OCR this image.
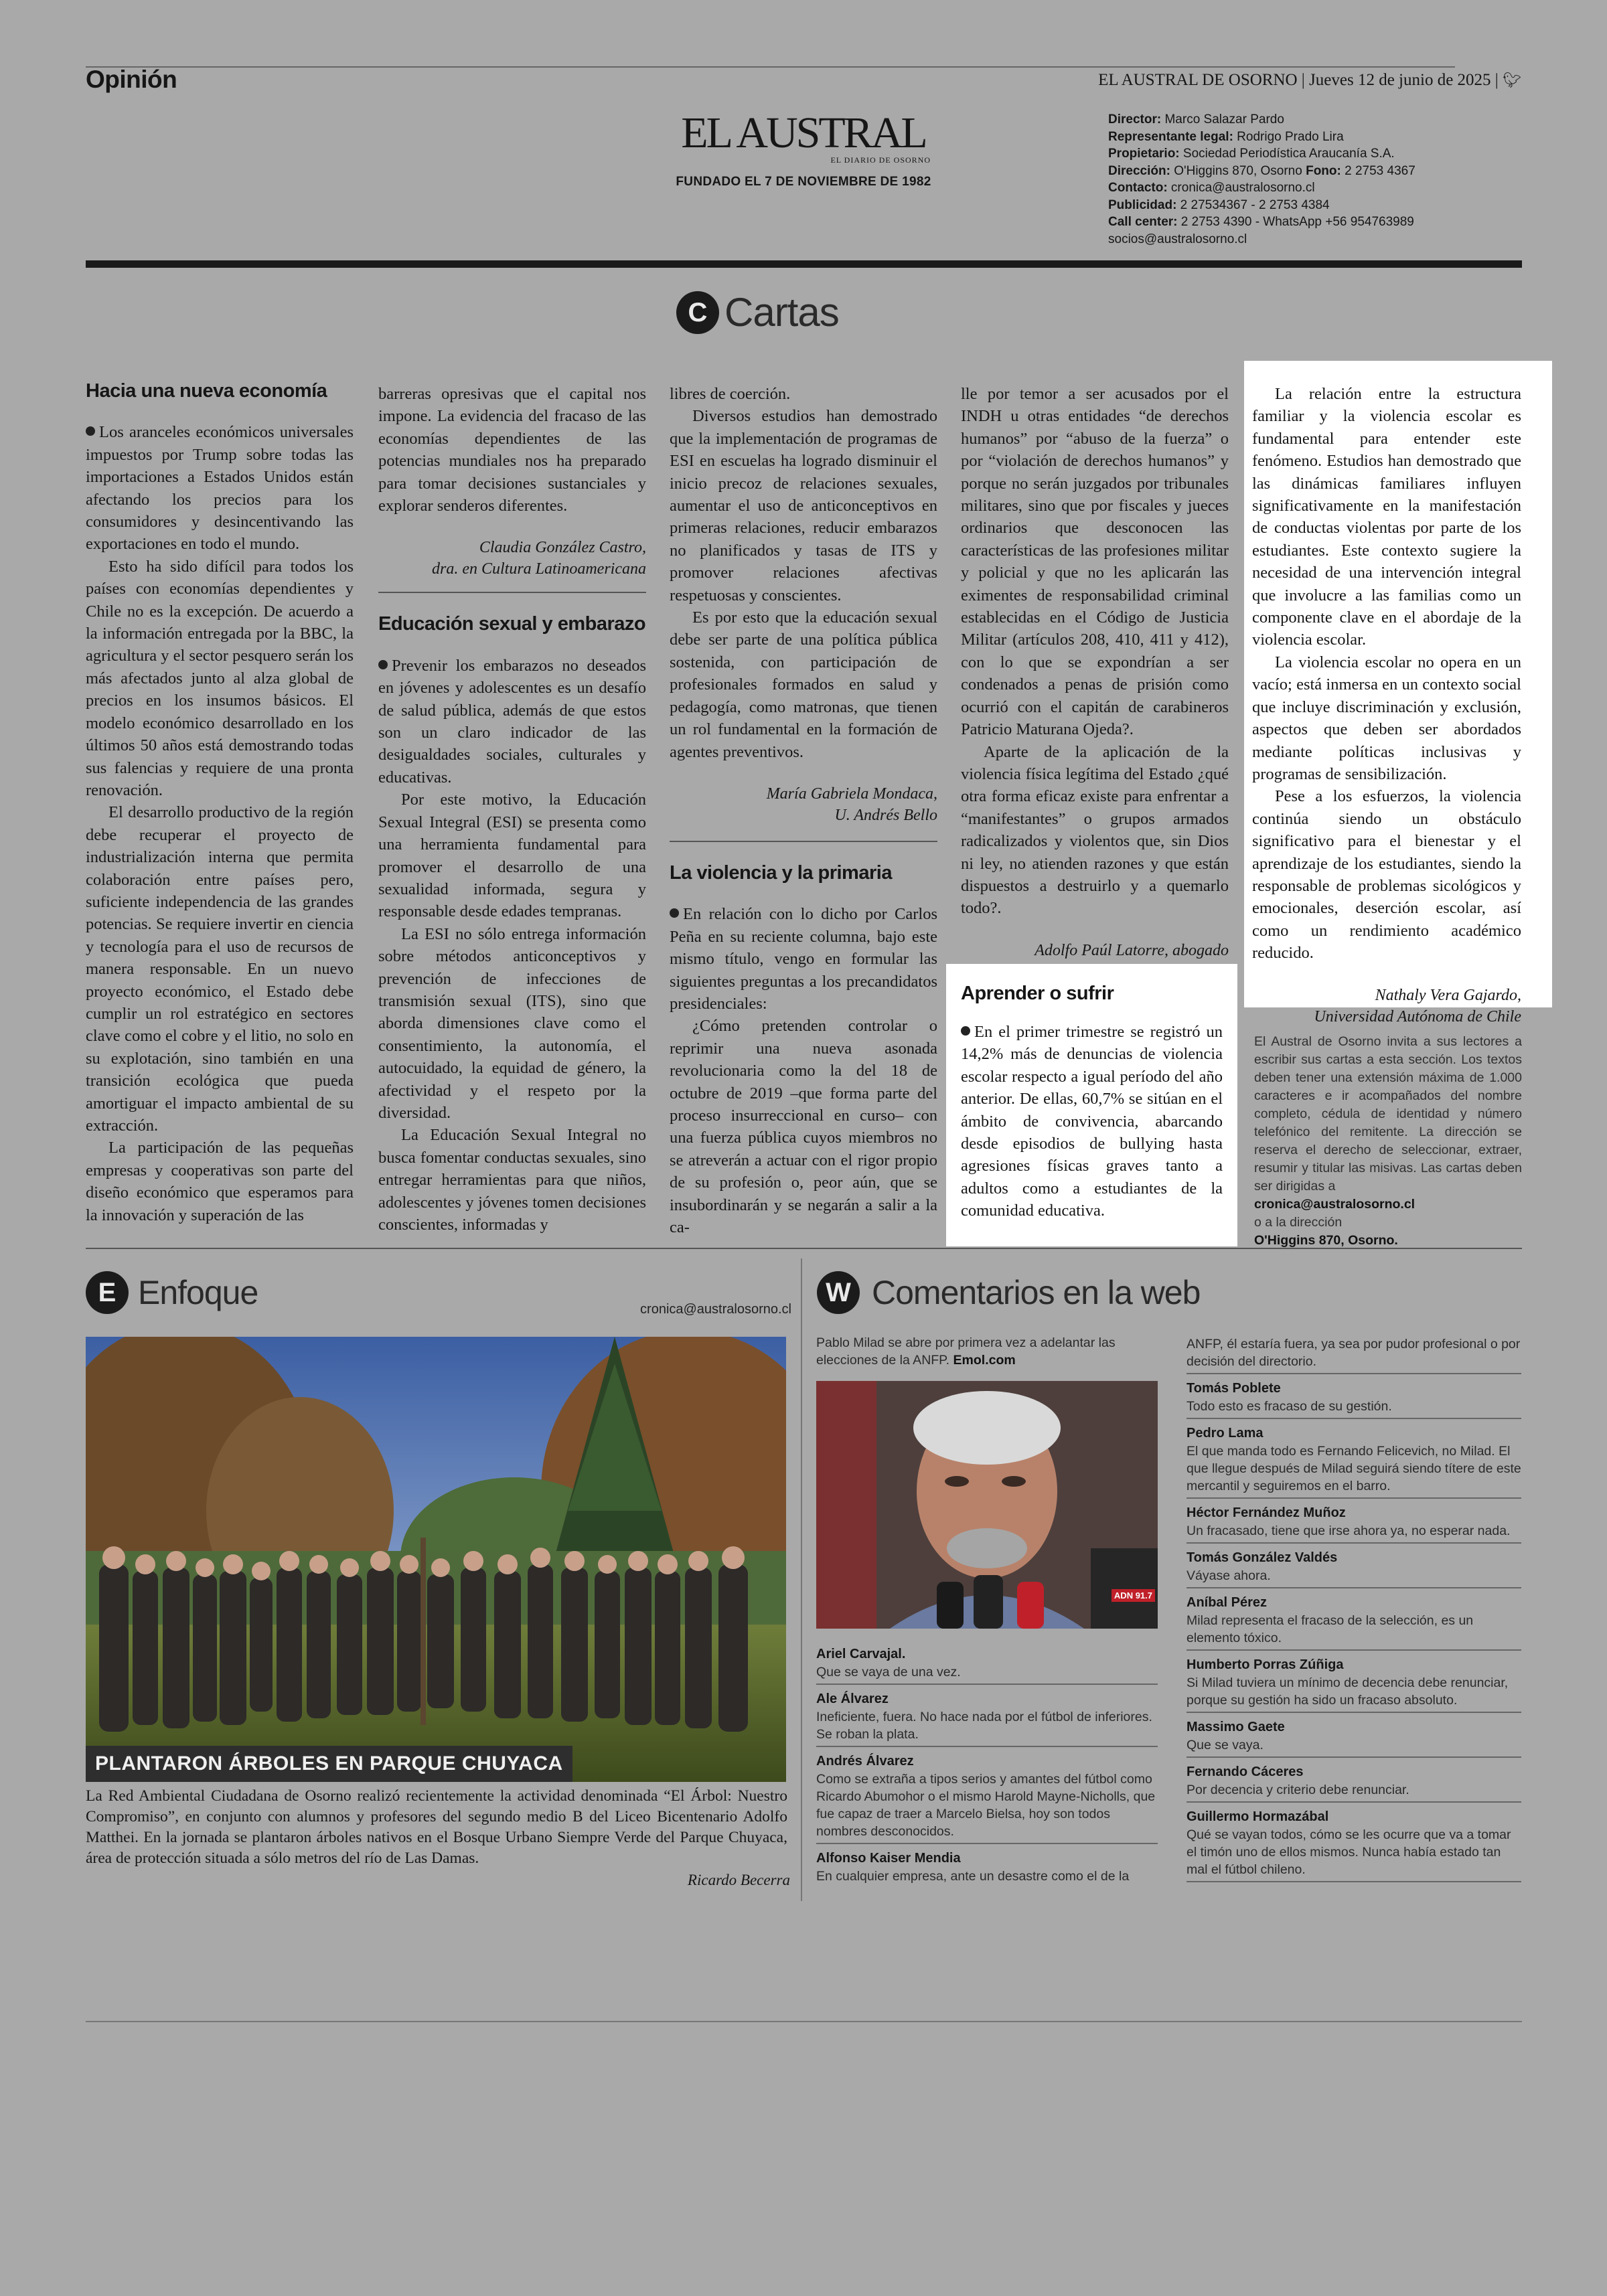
Opinión	EL AUSTRAL DE OSORNO | Jueves 12 de junio de 2025 | 🐦︎
EL AUSTRAL
EL DIARIO DE OSORNO
FUNDADO EL 7 DE NOVIEMBRE DE 1982
Director: Marco Salazar Pardo
Representante legal: Rodrigo Prado Lira
Propietario: Sociedad Periodística Araucanía S.A.
Dirección: O'Higgins 870, Osorno Fono: 2 2753 4367
Contacto: cronica@australosorno.cl
Publicidad: 2 27534367 - 2 2753 4384
Call center: 2 2753 4390 - WhatsApp +56 954763989
socios@australosorno.cl
C Cartas
Hacia una nueva economía

Los aranceles económicos universales impuestos por Trump sobre todas las importaciones a Estados Unidos están afectando los precios para los consumidores y desincentivando las exportaciones en todo el mundo.

Esto ha sido difícil para todos los países con economías dependientes y Chile no es la excepción. De acuerdo a la información entregada por la BBC, la agricultura y el sector pesquero serán los más afectados junto al alza global de precios en los insumos básicos. El modelo económico desarrollado en los últimos 50 años está demostrando todas sus falencias y requiere de una pronta renovación.

El desarrollo productivo de la región debe recuperar el proyecto de industrialización interna que permita colaboración entre países pero, suficiente independencia de las grandes potencias. Se requiere invertir en ciencia y tecnología para el uso de recursos de manera responsable. En un nuevo proyecto económico, el Estado debe cumplir un rol estratégico en sectores clave como el cobre y el litio, no solo en su explotación, sino también en una transición ecológica que pueda amortiguar el impacto ambiental de su extracción.

La participación de las pequeñas empresas y cooperativas son parte del diseño económico que esperamos para la innovación y superación de las

barreras opresivas que el capital nos impone. La evidencia del fracaso de las economías dependientes de las potencias mundiales nos ha preparado para tomar decisiones sustanciales y explorar senderos diferentes.

Claudia González Castro,
dra. en Cultura Latinoamericana
Educación sexual y embarazo

Prevenir los embarazos no deseados en jóvenes y adolescentes es un desafío de salud pública, además de que estos son un claro indicador de las desigualdades sociales, culturales y educativas.

Por este motivo, la Educación Sexual Integral (ESI) se presenta como una herramienta fundamental para promover el desarrollo de una sexualidad informada, segura y responsable desde edades tempranas.

La ESI no sólo entrega información sobre métodos anticonceptivos y prevención de infecciones de transmisión sexual (ITS), sino que aborda dimensiones clave como el consentimiento, la autonomía, el autocuidado, la equidad de género, la afectividad y el respeto por la diversidad.

La Educación Sexual Integral no busca fomentar conductas sexuales, sino entregar herramientas para que niños, adolescentes y jóvenes tomen decisiones conscientes, informadas y

libres de coerción.

Diversos estudios han demostrado que la implementación de programas de ESI en escuelas ha logrado disminuir el inicio precoz de relaciones sexuales, aumentar el uso de anticonceptivos en primeras relaciones, reducir embarazos no planificados y tasas de ITS y promover relaciones afectivas respetuosas y conscientes.

Es por esto que la educación sexual debe ser parte de una política pública sostenida, con participación de profesionales formados en salud y pedagogía, como matronas, que tienen un rol fundamental en la formación de agentes preventivos.

María Gabriela Mondaca,
U. Andrés Bello
La violencia y la primaria

En relación con lo dicho por Carlos Peña en su reciente columna, bajo este mismo título, vengo en formular las siguientes preguntas a los precandidatos presidenciales:

¿Cómo pretenden controlar o reprimir una nueva asonada revolucionaria como la del 18 de octubre de 2019 –que forma parte del proceso insurreccional en curso– con una fuerza pública cuyos miembros no se atreverán a actuar con el rigor propio de su profesión o, peor aún, que se insubordinarán y se negarán a salir a la ca-

lle por temor a ser acusados por el INDH u otras entidades “de derechos humanos” por “abuso de la fuerza” o por “violación de derechos humanos” y porque no serán juzgados por tribunales militares, sino que por fiscales y jueces ordinarios que desconocen las características de las profesiones militar y policial y que no les aplicarán las eximentes de responsabilidad criminal establecidas en el Código de Justicia Militar (artículos 208, 410, 411 y 412), con lo que se expondrían a ser condenados a penas de prisión como ocurrió con el capitán de carabineros Patricio Maturana Ojeda?.

Aparte de la aplicación de la violencia física legítima del Estado ¿qué otra forma eficaz existe para enfrentar a “manifestantes” o grupos armados radicalizados y violentos que, sin Dios ni ley, no atienden razones y que están dispuestos a destruirlo y a quemarlo todo?.

Adolfo Paúl Latorre, abogado
Aprender o sufrir

En el primer trimestre se registró un 14,2% más de denuncias de violencia escolar respecto a igual período del año anterior. De ellas, 60,7% se sitúan en el ámbito de convivencia, abarcando desde episodios de bullying hasta agresiones físicas graves tanto a adultos como a estudiantes de la comunidad educativa.

La relación entre la estructura familiar y la violencia escolar es fundamental para entender este fenómeno. Estudios han demostrado que las dinámicas familiares influyen significativamente en la manifestación de conductas violentas por parte de los estudiantes. Este contexto sugiere la necesidad de una intervención integral que involucre a las familias como un componente clave en el abordaje de la violencia escolar.

La violencia escolar no opera en un vacío; está inmersa en un contexto social que incluye discriminación y exclusión, aspectos que deben ser abordados mediante políticas inclusivas y programas de sensibilización.

Pese a los esfuerzos, la violencia continúa siendo un obstáculo significativo para el bienestar y el aprendizaje de los estudiantes, siendo la responsable de problemas sicológicos y emocionales, deserción escolar, así como un rendimiento académico reducido.

Nathaly Vera Gajardo,
Universidad Autónoma de Chile
El Austral de Osorno invita a sus lectores a escribir sus cartas a esta sección. Los textos deben tener una extensión máxima de 1.000 caracteres e ir acompañados del nombre completo, cédula de identidad y número telefónico del remitente. La dirección se reserva el derecho de seleccionar, extraer, resumir y titular las misivas. Las cartas deben ser dirigidas a
cronica@australosorno.cl
o a la dirección
O'Higgins 870, Osorno.
E Enfoque	cronica@australosorno.cl
PLANTARON ÁRBOLES EN PARQUE CHUYACA
La Red Ambiental Ciudadana de Osorno realizó recientemente la actividad denominada “El Árbol: Nuestro Compromiso”, en conjunto con alumnos y profesores del segundo medio B del Liceo Bicentenario Adolfo Matthei. En la jornada se plantaron árboles nativos en el Bosque Urbano Siempre Verde del Parque Chuyaca, área de protección situada a sólo metros del río de Las Damas.
Ricardo Becerra
W Comentarios en la web
Pablo Milad se abre por primera vez a adelantar las elecciones de la ANFP. Emol.com
ADN 91.7
Ariel Carvajal.
Que se vaya de una vez.
Ale Álvarez
Ineficiente, fuera. No hace nada por el fútbol de inferiores. Se roban la plata.
Andrés Álvarez
Como se extraña a tipos serios y amantes del fútbol como Ricardo Abumohor o el mismo Harold Mayne-Nicholls, que fue capaz de traer a Marcelo Bielsa, hoy son todos nombres desconocidos.
Alfonso Kaiser Mendia
En cualquier empresa, ante un desastre como el de la
ANFP, él estaría fuera, ya sea por pudor profesional o por decisión del directorio.
Tomás Poblete
Todo esto es fracaso de su gestión.
Pedro Lama
El que manda todo es Fernando Felicevich, no Milad. El que llegue después de Milad seguirá siendo títere de este mercantil y seguiremos en el barro.
Héctor Fernández Muñoz
Un fracasado, tiene que irse ahora ya, no esperar nada.
Tomás González Valdés
Váyase ahora.
Aníbal Pérez
Milad representa el fracaso de la selección, es un elemento tóxico.
Humberto Porras Zúñiga
Si Milad tuviera un mínimo de decencia debe renunciar, porque su gestión ha sido un fracaso absoluto.
Massimo Gaete
Que se vaya.
Fernando Cáceres
Por decencia y criterio debe renunciar.
Guillermo Hormazábal
Qué se vayan todos, cómo se les ocurre que va a tomar el timón uno de ellos mismos. Nunca había estado tan mal el fútbol chileno.
